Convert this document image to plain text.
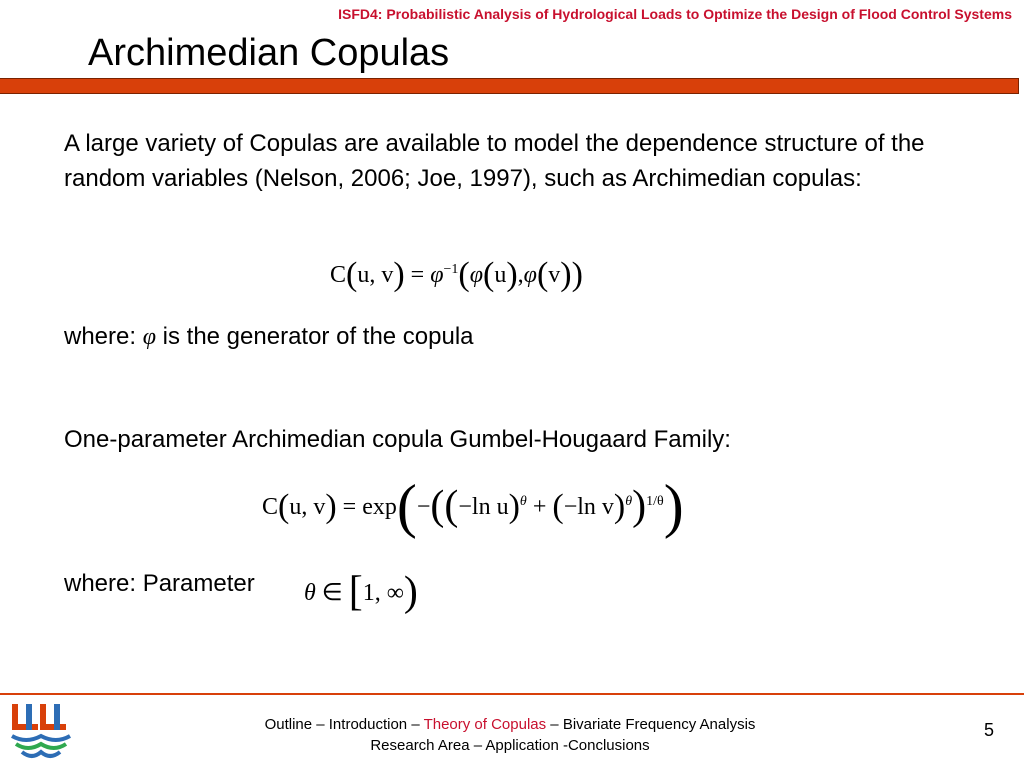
ISFD4: Probabilistic Analysis of Hydrological Loads to Optimize the Design of Flood Control Systems
Archimedian Copulas
A large variety of Copulas are available to model the dependence structure of the random variables (Nelson, 2006; Joe, 1997), such as Archimedian copulas:
C(u, $v) = \varphi^{-1}(\varphi(u),\varphi(v))$
where: φ is the generator of the copula
One-parameter Archimedian copula Gumbel-Hougaard Family:
C(u, v) = exp(−((−ln u)$^\theta$ + (−ln v)$^\theta$)$^{1/\theta}$)
where: Parameter θ ∈ [1, ∞)
Outline – Introduction – Theory of Copulas – Bivariate Frequency Analysis
Research Area – Application -Conclusions
5
